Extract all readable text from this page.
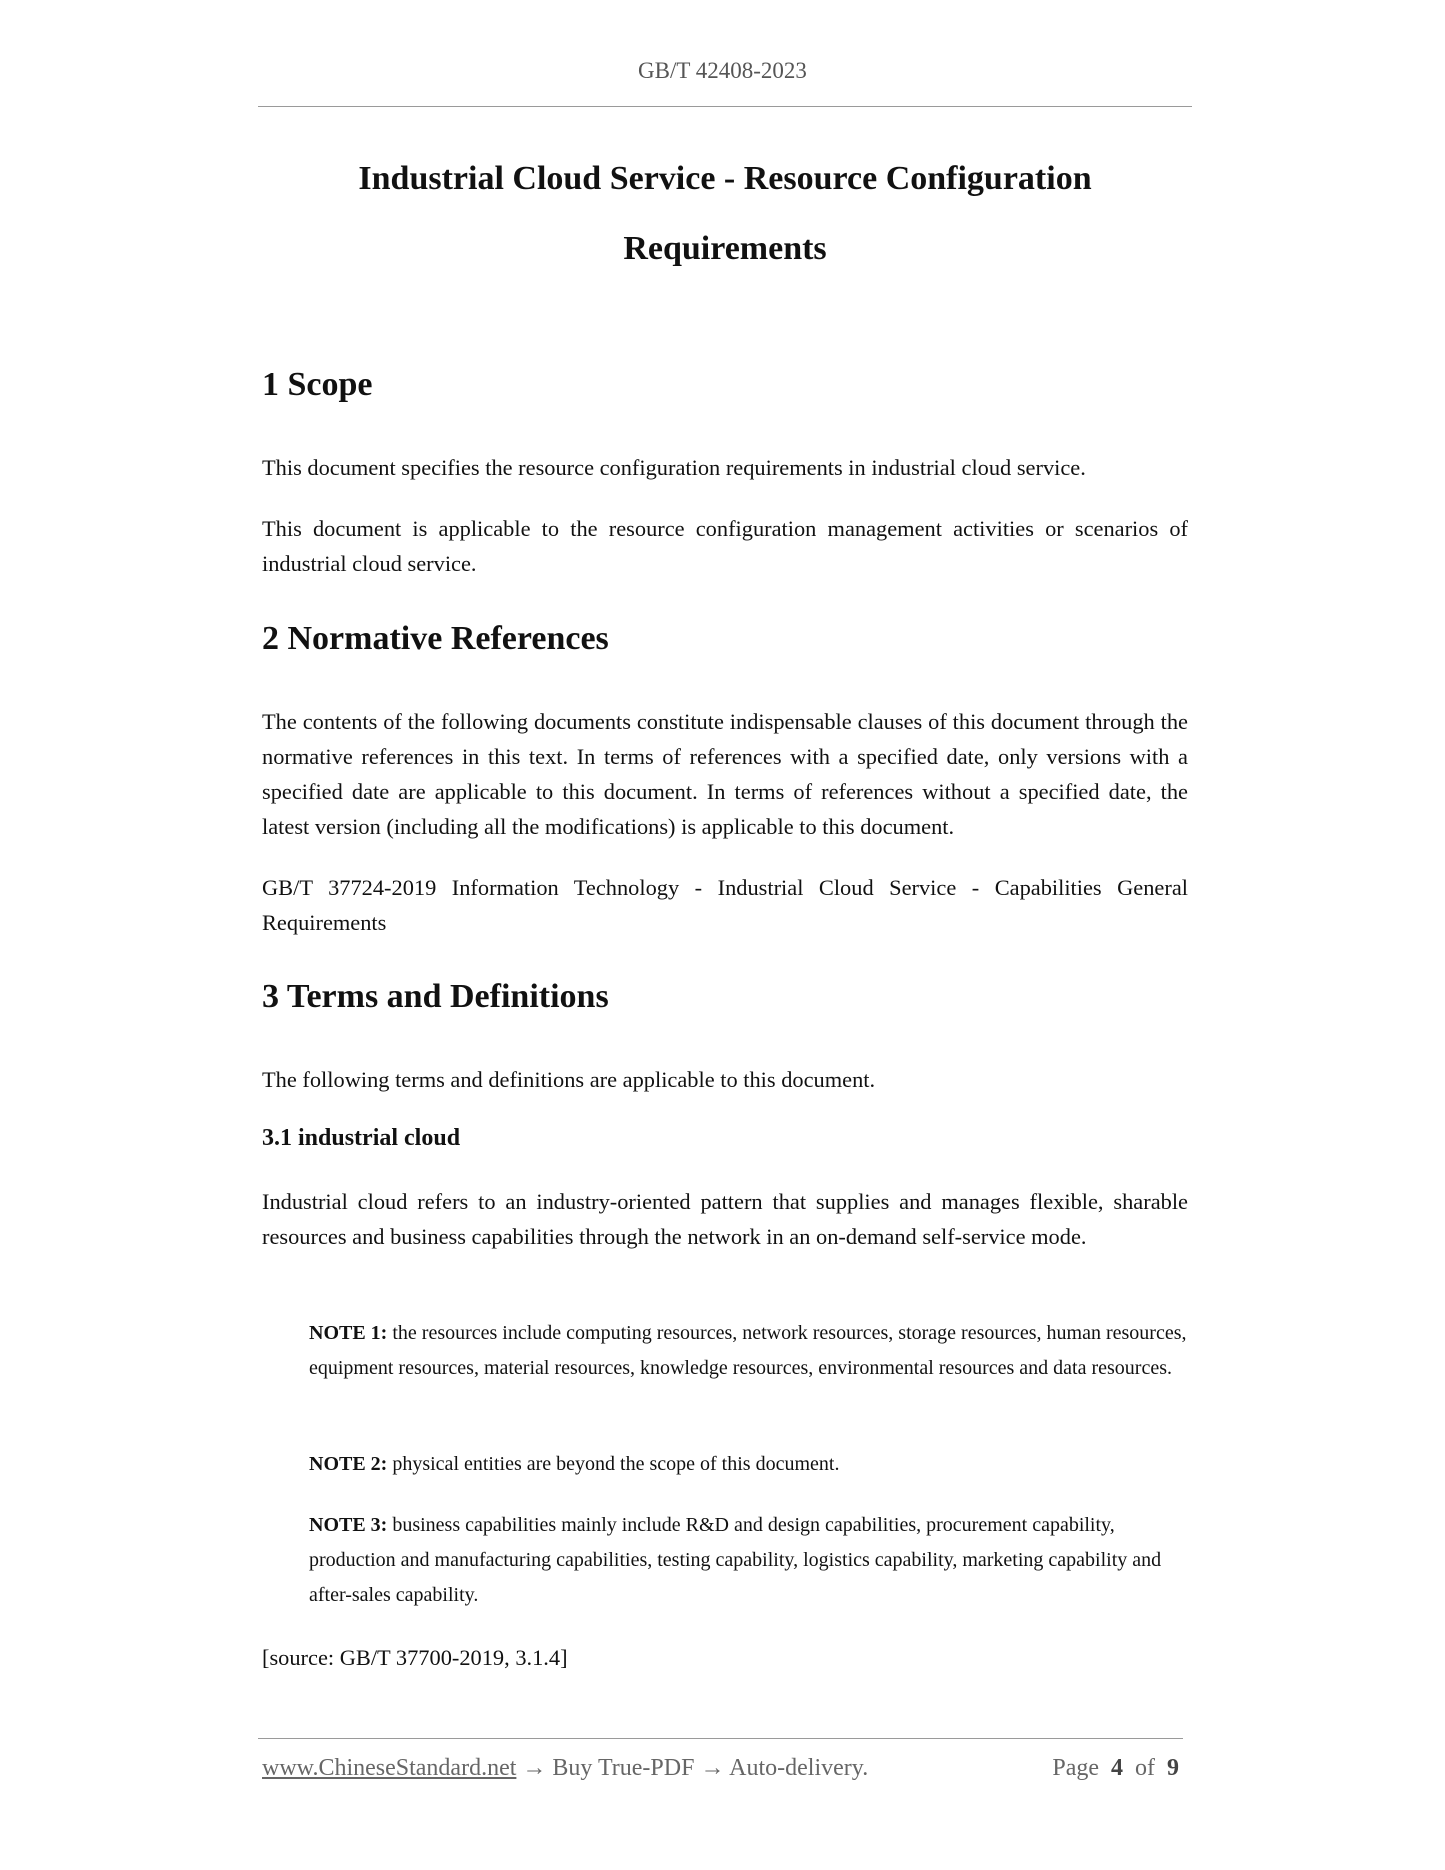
GB/T 42408-2023
Industrial Cloud Service - Resource Configuration
Requirements
1 Scope

This document specifies the resource configuration requirements in industrial cloud service.

This document is applicable to the resource configuration management activities or scenarios of industrial cloud service.

2 Normative References

The contents of the following documents constitute indispensable clauses of this document through the normative references in this text. In terms of references with a specified date, only versions with a specified date are applicable to this document. In terms of references without a specified date, the latest version (including all the modifications) is applicable to this document.

GB/T 37724-2019 Information Technology - Industrial Cloud Service - Capabilities General Requirements

3 Terms and Definitions

The following terms and definitions are applicable to this document.

3.1 industrial cloud

Industrial cloud refers to an industry-oriented pattern that supplies and manages flexible, sharable resources and business capabilities through the network in an on-demand self-service mode.

NOTE 1: the resources include computing resources, network resources, storage resources, human resources, equipment resources, material resources, knowledge resources, environmental resources and data resources.
NOTE 2: physical entities are beyond the scope of this document.
NOTE 3: business capabilities mainly include R&D and design capabilities, procurement capability, production and manufacturing capabilities, testing capability, logistics capability, marketing capability and after-sales capability.

[source: GB/T 37700-2019, 3.1.4]

www.ChineseStandard.net → Buy True-PDF → Auto-delivery.	Page 4 of 9
